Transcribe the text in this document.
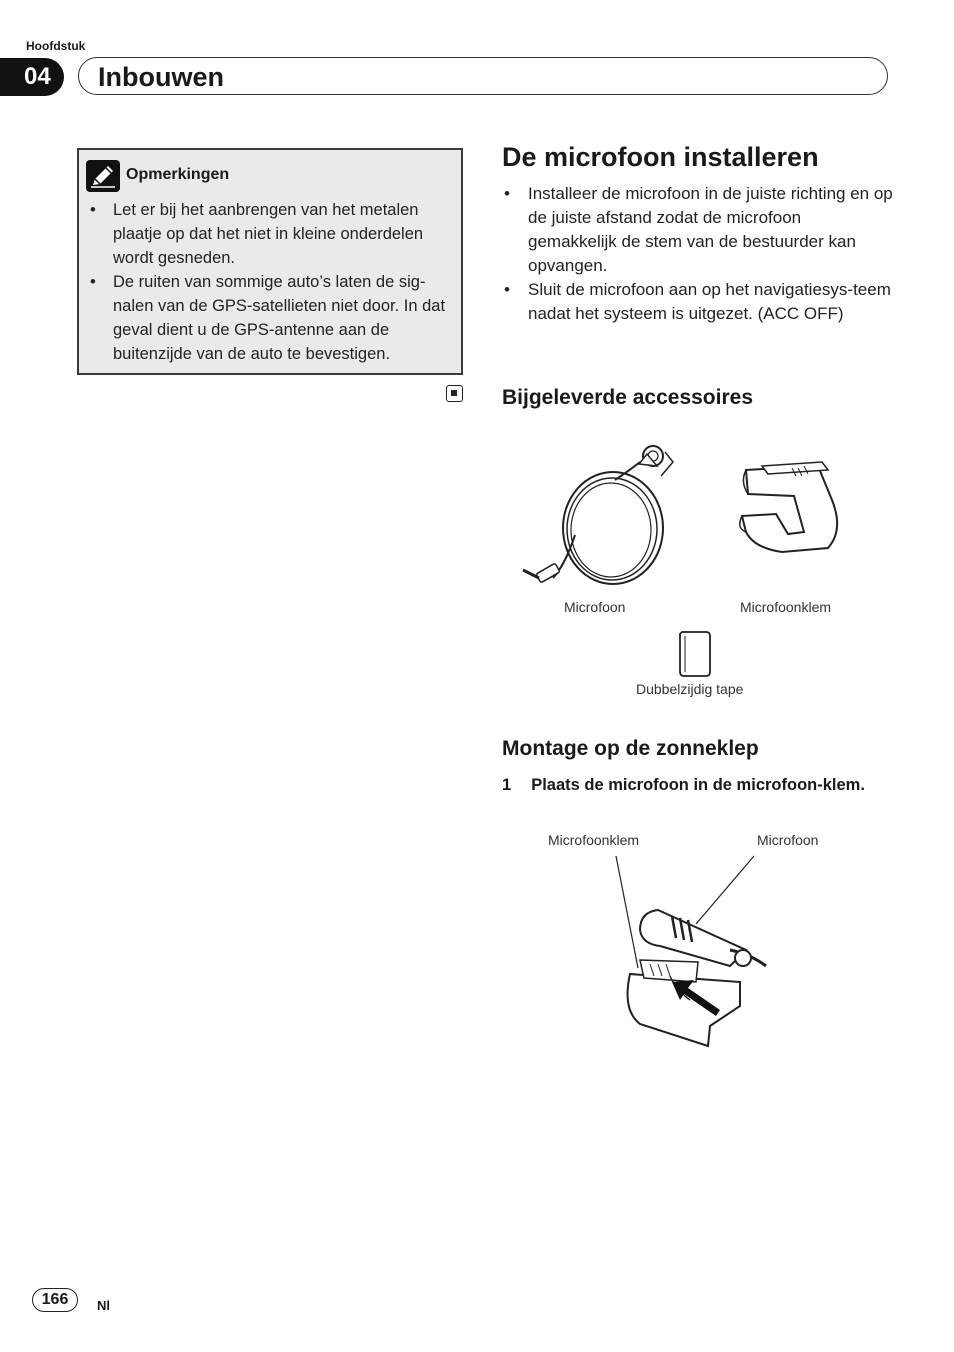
Hoofdstuk
04	Inbouwen
Opmerkingen
• Let er bij het aanbrengen van het metalen plaatje op dat het niet in kleine onderdelen wordt gesneden.
• De ruiten van sommige auto’s laten de sig-nalen van de GPS-satellieten niet door. In dat geval dient u de GPS-antenne aan de buitenzijde van de auto te bevestigen.
De microfoon installeren
• Installeer de microfoon in de juiste richting en op de juiste afstand zodat de microfoon gemakkelijk de stem van de bestuurder kan opvangen.
• Sluit de microfoon aan op het navigatiesys-teem nadat het systeem is uitgezet. (ACC OFF)
Bijgeleverde accessoires
Microfoon	Microfoonklem
Dubbelzijdig tape
Montage op de zonneklep
1 Plaats de microfoon in de microfoon-klem.
Microfoonklem	Microfoon
166	Nl
